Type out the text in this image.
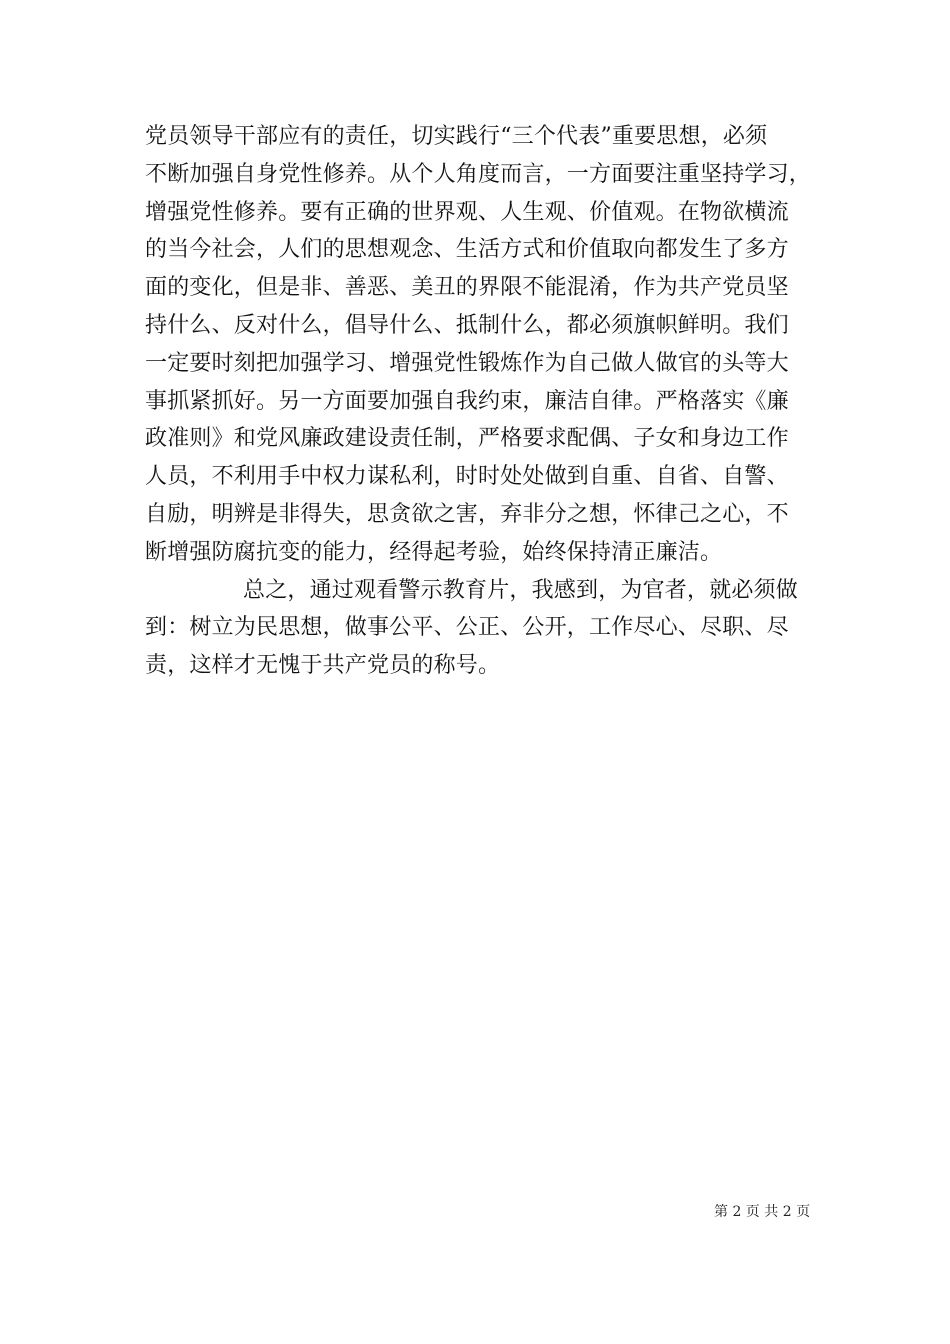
党员领导干部应有的责任，切实践行“三个代表”重要思想，必须
不断加强自身党性修养。从个人角度而言，一方面要注重坚持学习，
增强党性修养。要有正确的世界观、人生观、价值观。在物欲横流
的当今社会，人们的思想观念、生活方式和价值取向都发生了多方
面的变化，但是非、善恶、美丑的界限不能混淆，作为共产党员坚
持什么、反对什么，倡导什么、抵制什么，都必须旗帜鲜明。我们
一定要时刻把加强学习、增强党性锻炼作为自己做人做官的头等大
事抓紧抓好。另一方面要加强自我约束，廉洁自律。严格落实《廉
政准则》和党风廉政建设责任制，严格要求配偶、子女和身边工作
人员，不利用手中权力谋私利，时时处处做到自重、自省、自警、
自励，明辨是非得失，思贪欲之害，弃非分之想，怀律己之心，不
断增强防腐抗变的能力，经得起考验，始终保持清正廉洁。
总之，通过观看警示教育片，我感到，为官者，就必须做
到：树立为民思想，做事公平、公正、公开，工作尽心、尽职、尽
责，这样才无愧于共产党员的称号。
第 2 页 共 2 页
